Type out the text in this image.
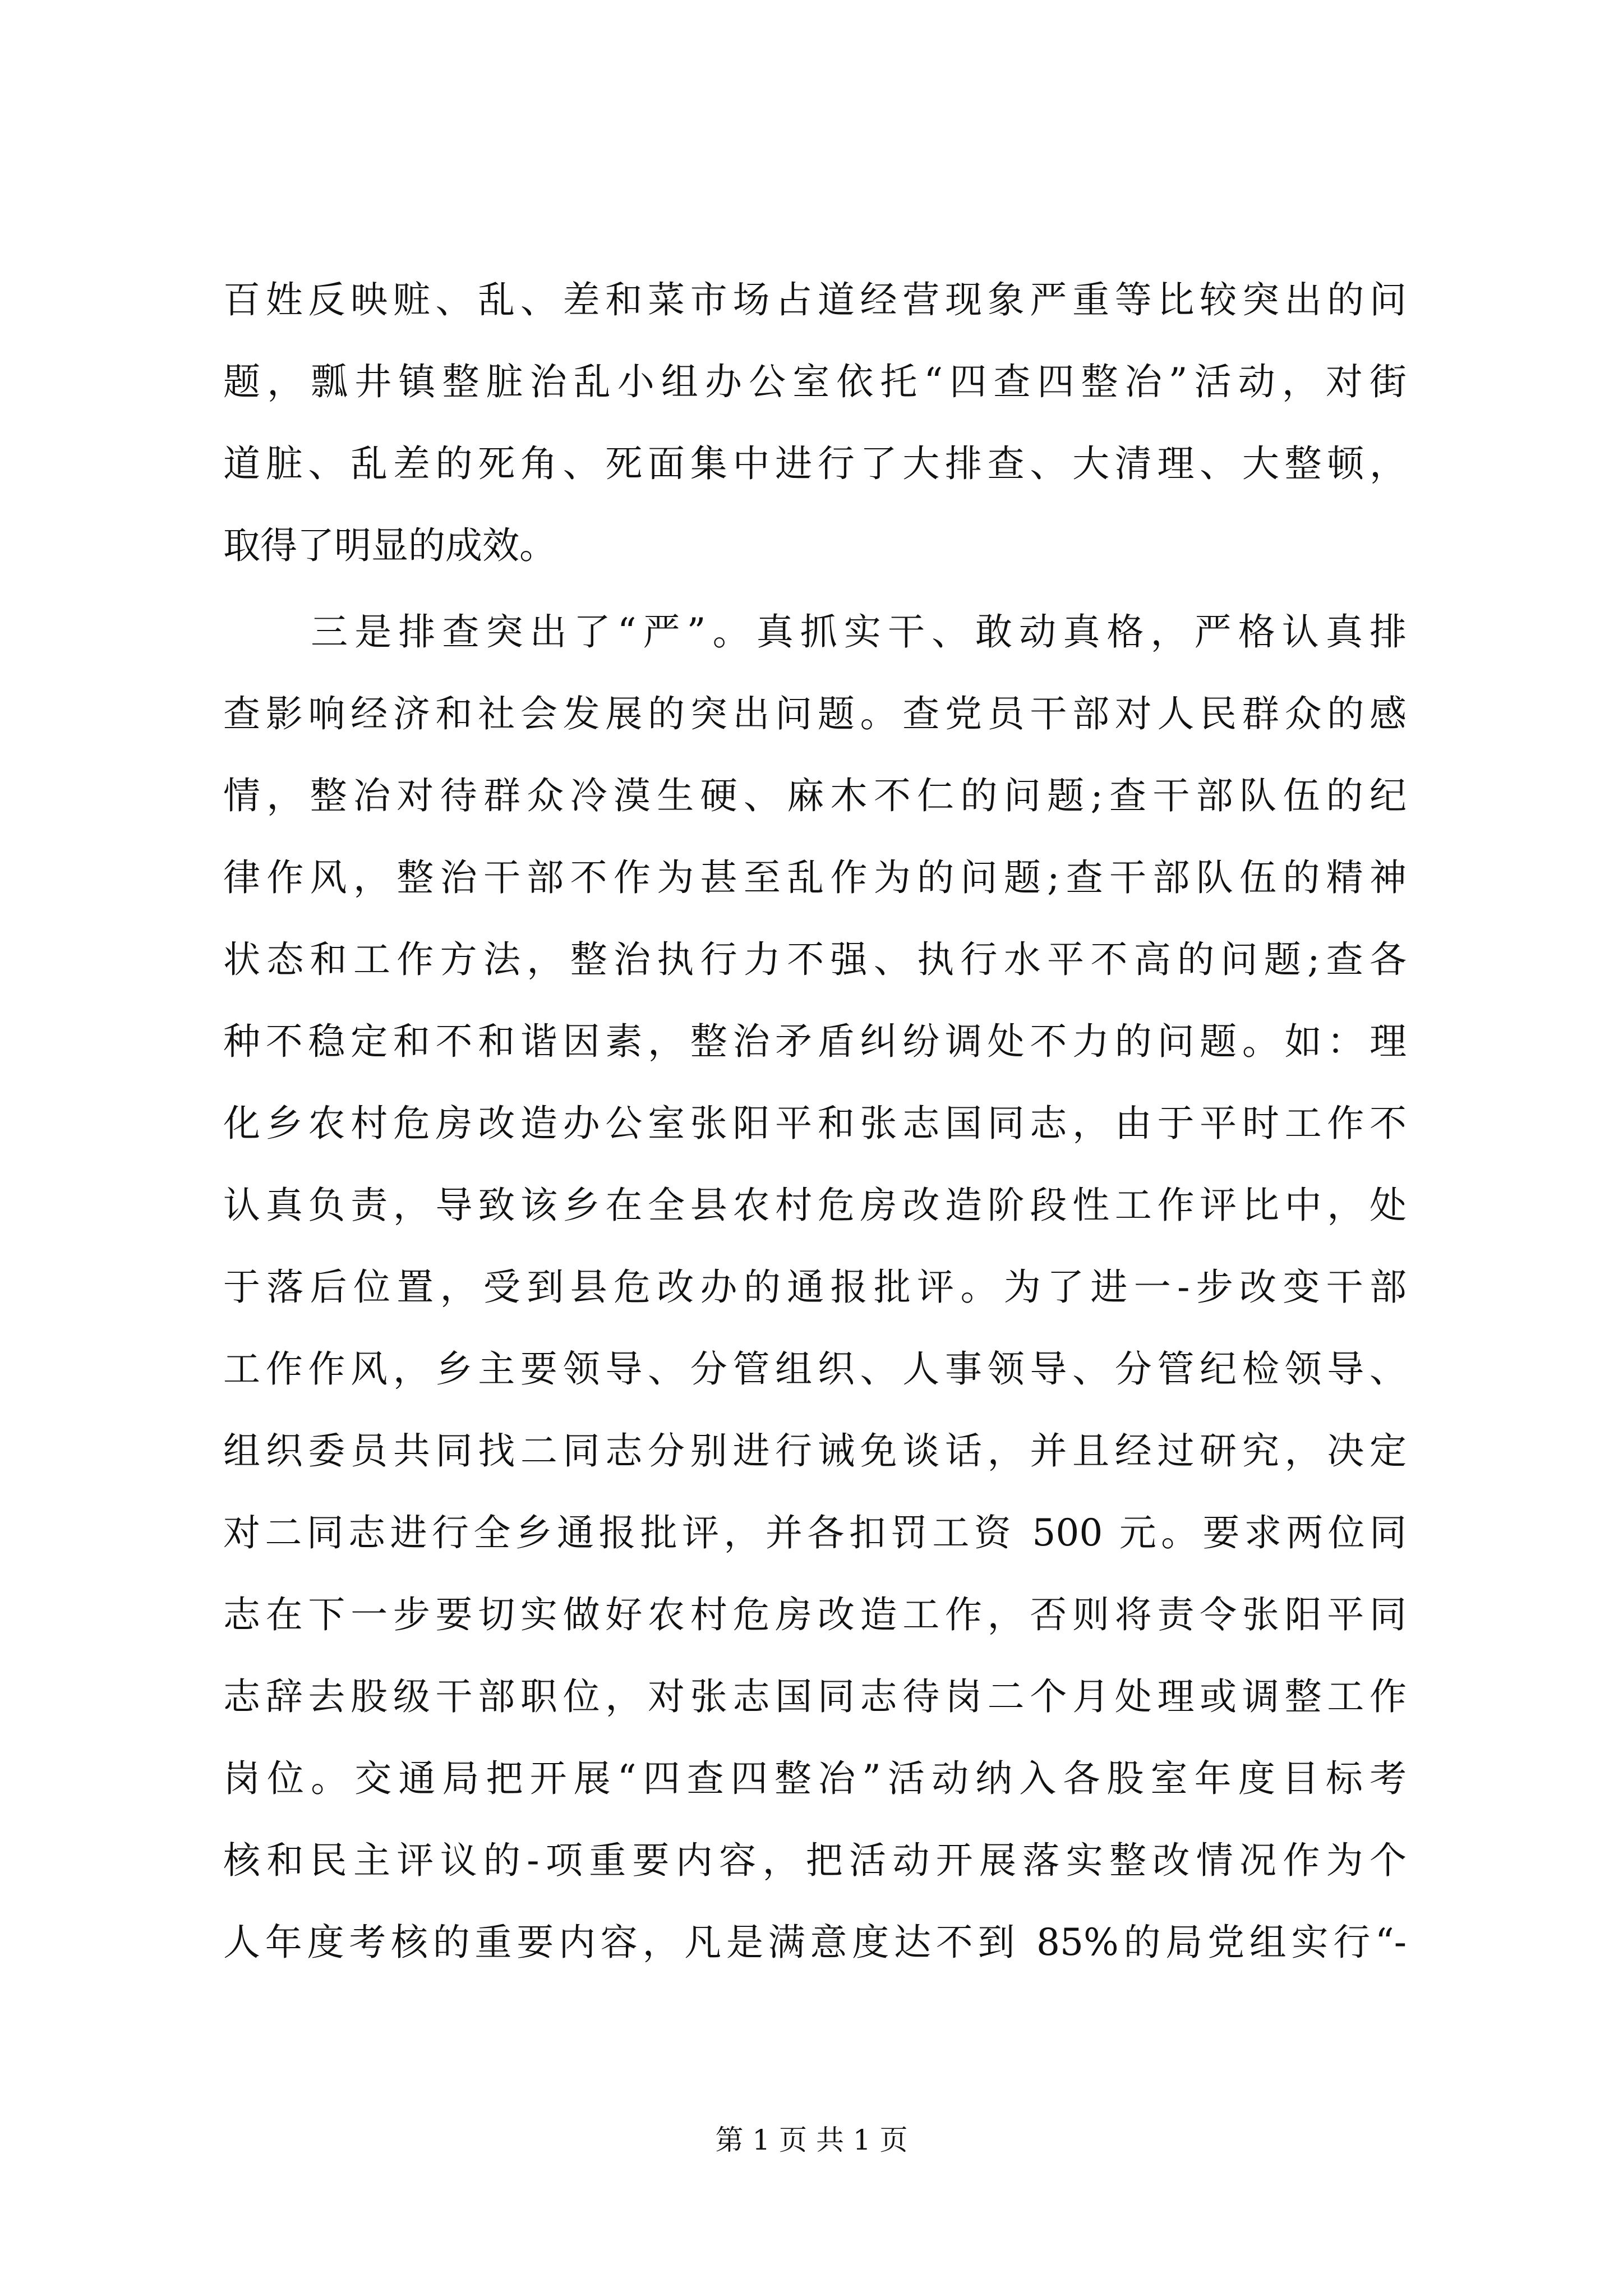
百姓反映赃、乱、差和菜市场占道经营现象严重等比较突出的问
题，瓢井镇整脏治乱小组办公室依托“四查四整冶”活动，对街
道脏、乱差的死角、死面集中进行了大排查、大清理、大整顿，
取得了明显的成效。
　　三是排查突出了“严”。真抓实干、敢动真格，严格认真排
查影响经济和社会发展的突出问题。查党员干部对人民群众的感
情，整冶对待群众冷漠生硬、麻木不仁的问题;查干部队伍的纪
律作风，整治干部不作为甚至乱作为的问题;查干部队伍的精神
状态和工作方法，整治执行力不强、执行水平不高的问题;查各
种不稳定和不和谐因素，整治矛盾纠纷调处不力的问题。如：理
化乡农村危房改造办公室张阳平和张志国同志，由于平时工作不
认真负责，导致该乡在全县农村危房改造阶段性工作评比中，处
于落后位置，受到县危改办的通报批评。为了进一-步改变干部
工作作风，乡主要领导、分管组织、人事领导、分管纪检领导、
组织委员共同找二同志分别进行诫免谈话，并且经过研究，决定
对二同志进行全乡通报批评，并各扣罚工资 500 元。要求两位同
志在下一步要切实做好农村危房改造工作，否则将责令张阳平同
志辞去股级干部职位，对张志国同志待岗二个月处理或调整工作
岗位。交通局把开展“四查四整冶”活动纳入各股室年度目标考
核和民主评议的-项重要内容，把活动开展落实整改情况作为个
人年度考核的重要内容，凡是满意度达不到 85%的局党组实行“-
第 1 页 共 1 页
